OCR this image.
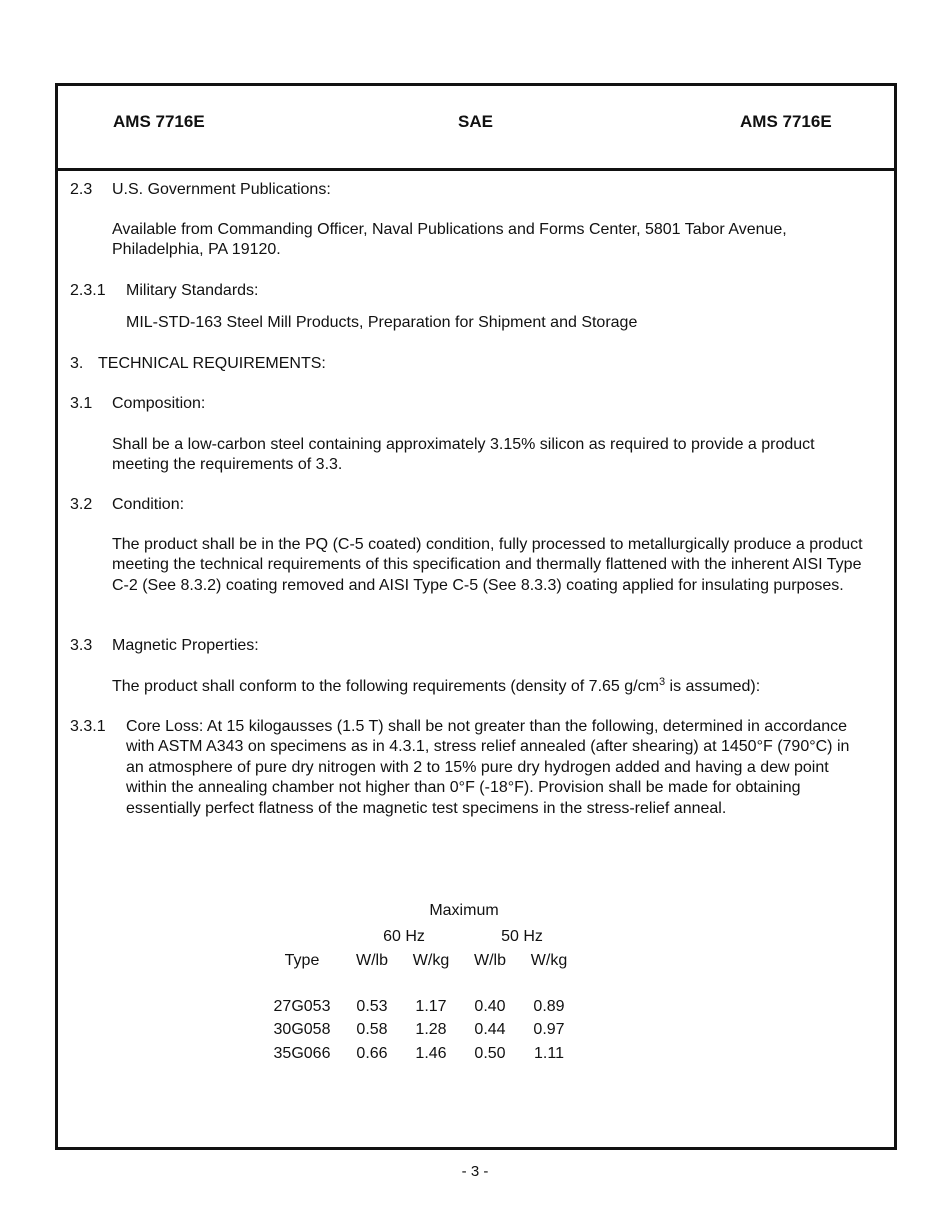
AMS 7716E	SAE	AMS 7716E
2.3 U.S. Government Publications:
Available from Commanding Officer, Naval Publications and Forms Center, 5801 Tabor Avenue, Philadelphia, PA 19120.
2.3.1 Military Standards:
MIL-STD-163 Steel Mill Products, Preparation for Shipment and Storage
3. TECHNICAL REQUIREMENTS:
3.1 Composition:
Shall be a low-carbon steel containing approximately 3.15% silicon as required to provide a product meeting the requirements of 3.3.
3.2 Condition:
The product shall be in the PQ (C-5 coated) condition, fully processed to metallurgically produce a product meeting the technical requirements of this specification and thermally flattened with the inherent AISI Type C-2 (See 8.3.2) coating removed and AISI Type C-5 (See 8.3.3) coating applied for insulating purposes.
3.3 Magnetic Properties:
The product shall conform to the following requirements (density of 7.65 $g/cm^3$ is assumed):
3.3.1 Core Loss: At 15 kilogausses (1.5 T) shall be not greater than the following, determined in accordance with ASTM A343 on specimens as in 4.3.1, stress relief annealed (after shearing) at 1450°F (790°C) in an atmosphere of pure dry nitrogen with 2 to 15% pure dry hydrogen added and having a dew point within the annealing chamber not higher than 0°F (-18°F). Provision shall be made for obtaining essentially perfect flatness of the magnetic test specimens in the stress-relief anneal.
Maximum
60 Hz	50 Hz
Type W/lb W/kg W/lb W/kg
27G053 0.53 1.17 0.40 0.89
30G058 0.58 1.28 0.44 0.97
35G066 0.66 1.46 0.50 1.11
- 3 -
